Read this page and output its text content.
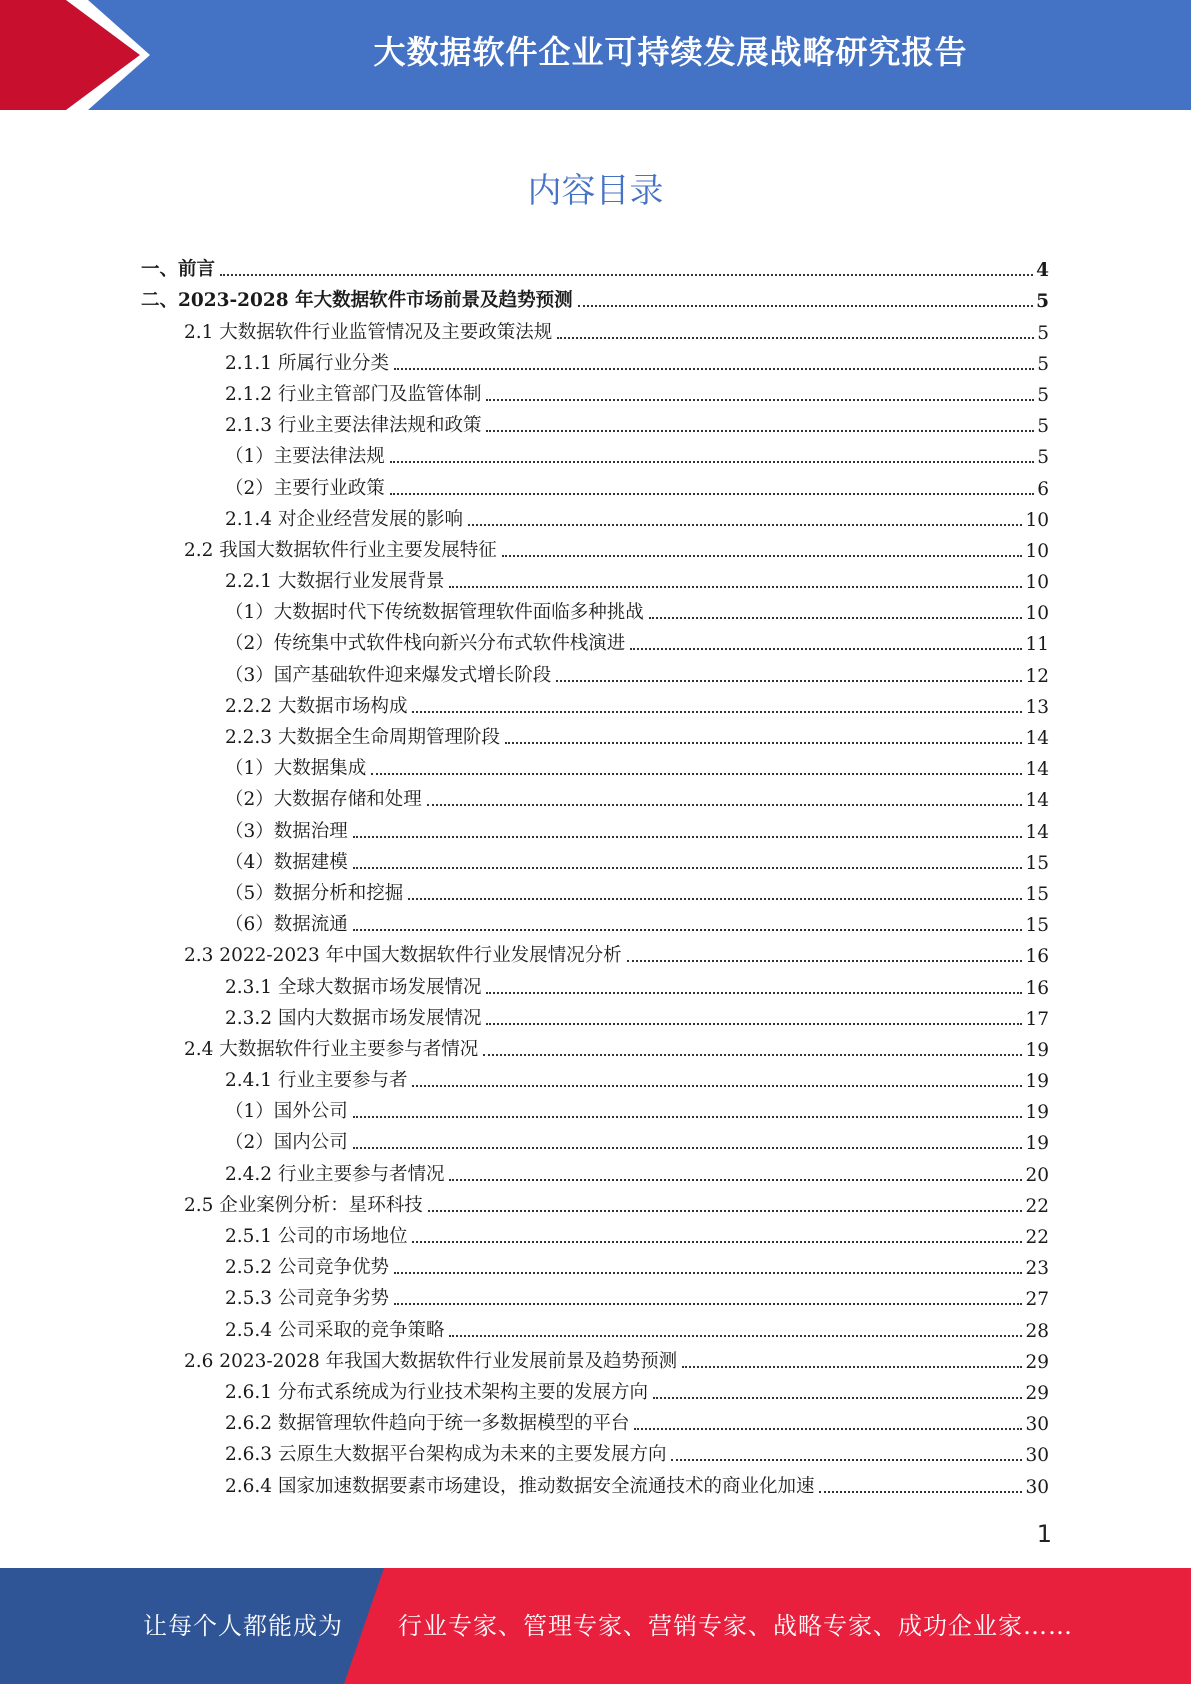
大数据软件企业可持续发展战略研究报告
内容目录
一、前言	4
二、2023-2028 年大数据软件市场前景及趋势预测	5
2.1 大数据软件行业监管情况及主要政策法规	5
2.1.1 所属行业分类	5
2.1.2 行业主管部门及监管体制	5
2.1.3 行业主要法律法规和政策	5
（1）主要法律法规	5
（2）主要行业政策	6
2.1.4 对企业经营发展的影响	10
2.2 我国大数据软件行业主要发展特征	10
2.2.1 大数据行业发展背景	10
（1）大数据时代下传统数据管理软件面临多种挑战	10
（2）传统集中式软件栈向新兴分布式软件栈演进	11
（3）国产基础软件迎来爆发式增长阶段	12
2.2.2 大数据市场构成	13
2.2.3 大数据全生命周期管理阶段	14
（1）大数据集成	14
（2）大数据存储和处理	14
（3）数据治理	14
（4）数据建模	15
（5）数据分析和挖掘	15
（6）数据流通	15
2.3 2022-2023 年中国大数据软件行业发展情况分析	16
2.3.1 全球大数据市场发展情况	16
2.3.2 国内大数据市场发展情况	17
2.4 大数据软件行业主要参与者情况	19
2.4.1 行业主要参与者	19
（1）国外公司	19
（2）国内公司	19
2.4.2 行业主要参与者情况	20
2.5 企业案例分析：星环科技	22
2.5.1 公司的市场地位	22
2.5.2 公司竞争优势	23
2.5.3 公司竞争劣势	27
2.5.4 公司采取的竞争策略	28
2.6 2023-2028 年我国大数据软件行业发展前景及趋势预测	29
2.6.1 分布式系统成为行业技术架构主要的发展方向	29
2.6.2 数据管理软件趋向于统一多数据模型的平台	30
2.6.3 云原生大数据平台架构成为未来的主要发展方向	30
2.6.4 国家加速数据要素市场建设，推动数据安全流通技术的商业化加速	30
1
让每个人都能成为 行业专家、管理专家、营销专家、战略专家、成功企业家……
